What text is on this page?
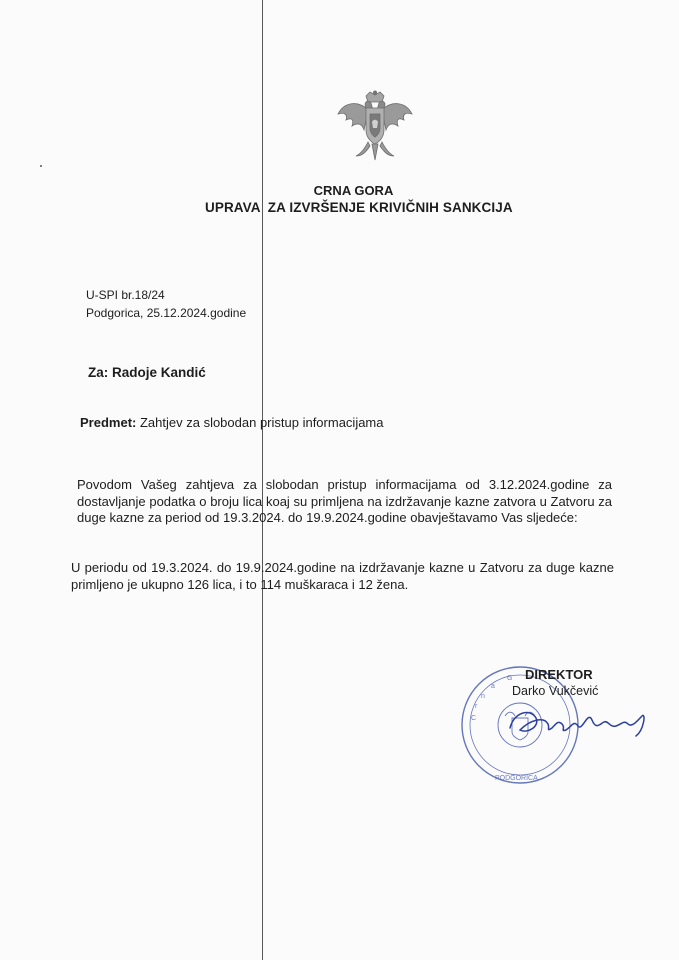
CRNA GORA
UPRAVA  ZA IZVRŠENJE KRIVIČNIH SANKCIJA
U-SPI br.18/24
Podgorica, 25.12.2024.godine
Za: Radoje Kandić
Predmet: Zahtjev za slobodan pristup informacijama
Povodom Vašeg zahtjeva za slobodan pristup informacijama od 3.12.2024.godine za dostavljanje podatka o broju lica koaj su primljena na izdržavanje kazne zatvora u Zatvoru za duge kazne za period od 19.3.2024. do 19.9.2024.godine obavještavamo Vas sljedeće:
U periodu od 19.3.2024. do 19.9.2024.godine na izdržavanje kazne u Zatvoru za duge kazne primljeno je ukupno 126 lica, i to 114 muškaraca i 12 žena.
C
r
n
a
G
PODGORICA
DIREKTOR
Darko Vukčević
